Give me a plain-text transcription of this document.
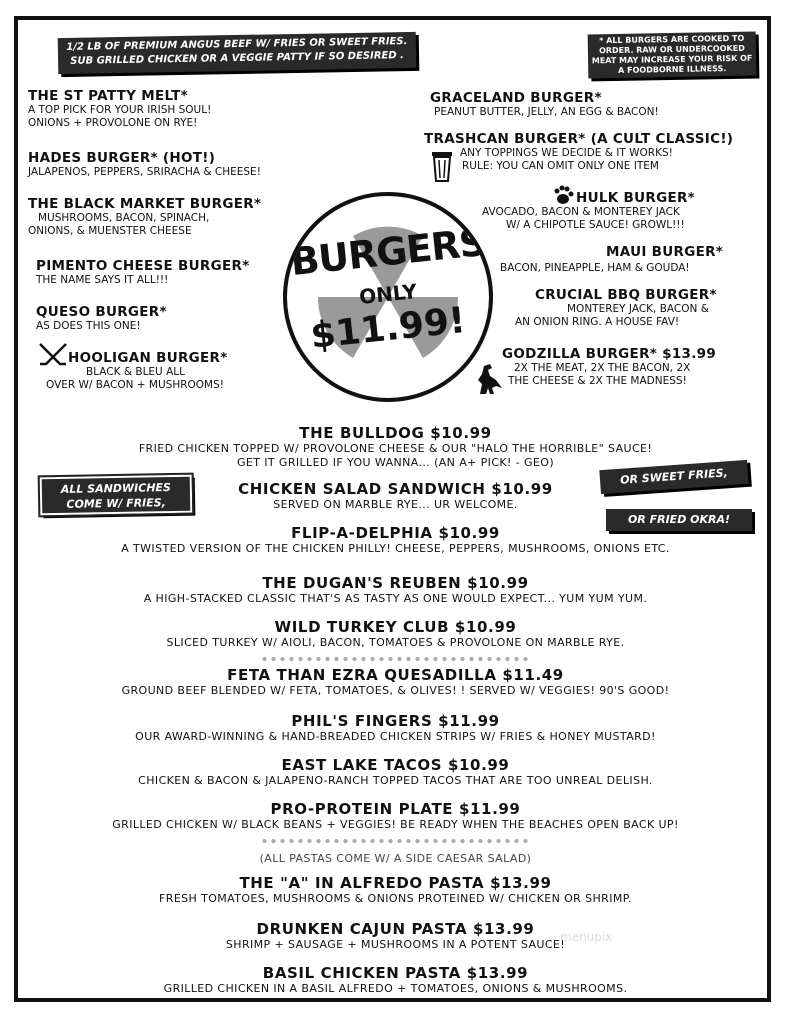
1/2 LB OF PREMIUM ANGUS BEEF W/ FRIES OR SWEET FRIES.
SUB GRILLED CHICKEN OR A VEGGIE PATTY IF SO DESIRED .
* ALL BURGERS ARE COOKED TO ORDER. RAW OR UNDERCOOKED MEAT MAY INCREASE YOUR RISK OF A FOODBORNE ILLNESS.
THE ST PATTY MELT*
A TOP PICK FOR YOUR IRISH SOUL!
ONIONS + PROVOLONE ON RYE!
HADES BURGER* (HOT!)
JALAPENOS, PEPPERS, SRIRACHA & CHEESE!
THE BLACK MARKET BURGER*
MUSHROOMS, BACON, SPINACH,
ONIONS, & MUENSTER CHEESE
PIMENTO CHEESE BURGER*
THE NAME SAYS IT ALL!!!
QUESO BURGER*
AS DOES THIS ONE!
HOOLIGAN BURGER*
BLACK & BLEU ALL
OVER W/ BACON + MUSHROOMS!
BURGERS
ONLY
$11.99!
GRACELAND BURGER*
PEANUT BUTTER, JELLY, AN EGG & BACON!
TRASHCAN BURGER* (A CULT CLASSIC!)
ANY TOPPINGS WE DECIDE & IT WORKS!
RULE: YOU CAN OMIT ONLY ONE ITEM
HULK BURGER*
AVOCADO, BACON & MONTEREY JACK
W/ A CHIPOTLE SAUCE! GROWL!!!
MAUI BURGER*
BACON, PINEAPPLE, HAM & GOUDA!
CRUCIAL BBQ BURGER*
MONTEREY JACK, BACON &
AN ONION RING. A HOUSE FAV!
GODZILLA BURGER* $13.99
2X THE MEAT, 2X THE BACON, 2X
THE CHEESE & 2X THE MADNESS!
ALL SANDWICHES
COME W/ FRIES,
OR SWEET FRIES,
OR FRIED OKRA!
THE BULLDOG $10.99
FRIED CHICKEN TOPPED W/ PROVOLONE CHEESE & OUR "HALO THE HORRIBLE" SAUCE!
GET IT GRILLED IF YOU WANNA... (AN A+ PICK! - GEO)
CHICKEN SALAD SANDWICH $10.99
SERVED ON MARBLE RYE... UR WELCOME.
FLIP-A-DELPHIA $10.99
A TWISTED VERSION OF THE CHICKEN PHILLY! CHEESE, PEPPERS, MUSHROOMS, ONIONS ETC.
THE DUGAN'S REUBEN $10.99
A HIGH-STACKED CLASSIC THAT'S AS TASTY AS ONE WOULD EXPECT... YUM YUM YUM.
WILD TURKEY CLUB $10.99
SLICED TURKEY W/ AIOLI, BACON, TOMATOES & PROVOLONE ON MARBLE RYE.
FETA THAN EZRA QUESADILLA $11.49
GROUND BEEF BLENDED W/ FETA, TOMATOES, & OLIVES! ! SERVED W/ VEGGIES! 90'S GOOD!
PHIL'S FINGERS $11.99
OUR AWARD-WINNING & HAND-BREADED CHICKEN STRIPS W/ FRIES & HONEY MUSTARD!
EAST LAKE TACOS $10.99
CHICKEN & BACON & JALAPENO-RANCH TOPPED TACOS THAT ARE TOO UNREAL DELISH.
PRO-PROTEIN PLATE $11.99
GRILLED CHICKEN W/ BLACK BEANS + VEGGIES! BE READY WHEN THE BEACHES OPEN BACK UP!
(ALL PASTAS COME W/ A SIDE CAESAR SALAD)
THE "A" IN ALFREDO PASTA $13.99
FRESH TOMATOES, MUSHROOMS & ONIONS PROTEINED W/ CHICKEN OR SHRIMP.
DRUNKEN CAJUN PASTA $13.99
SHRIMP + SAUSAGE + MUSHROOMS IN A POTENT SAUCE!
BASIL CHICKEN PASTA $13.99
GRILLED CHICKEN IN A BASIL ALFREDO + TOMATOES, ONIONS & MUSHROOMS.
menupix
